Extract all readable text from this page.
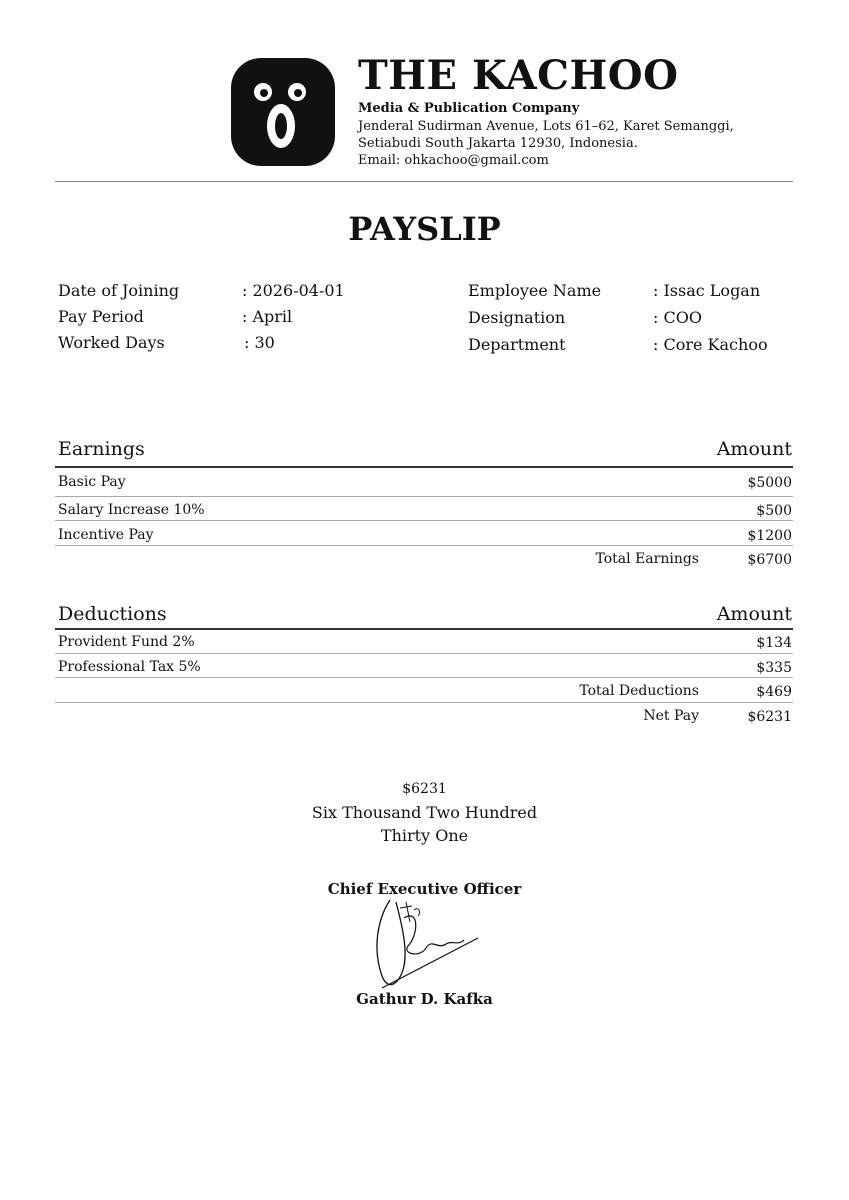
THE KACHOO
Media & Publication Company
Jenderal Sudirman Avenue, Lots 61–62, Karet Semanggi,
Setiabudi South Jakarta 12930, Indonesia.
Email: ohkachoo@gmail.com
PAYSLIP
Date of Joining	: 2026-04-01
Pay Period	: April
Worked Days	: 30
Employee Name	: Issac Logan
Designation	: COO
Department	: Core Kachoo
Earnings	Amount
Basic Pay	$5000
Salary Increase 10%	$500
Incentive Pay	$1200
Total Earnings	$6700
Deductions	Amount
Provident Fund 2%	$134
Professional Tax 5%	$335
Total Deductions	$469
Net Pay	$6231
$6231
Six Thousand Two Hundred
Thirty One
Chief Executive Officer
Gathur D. Kafka
